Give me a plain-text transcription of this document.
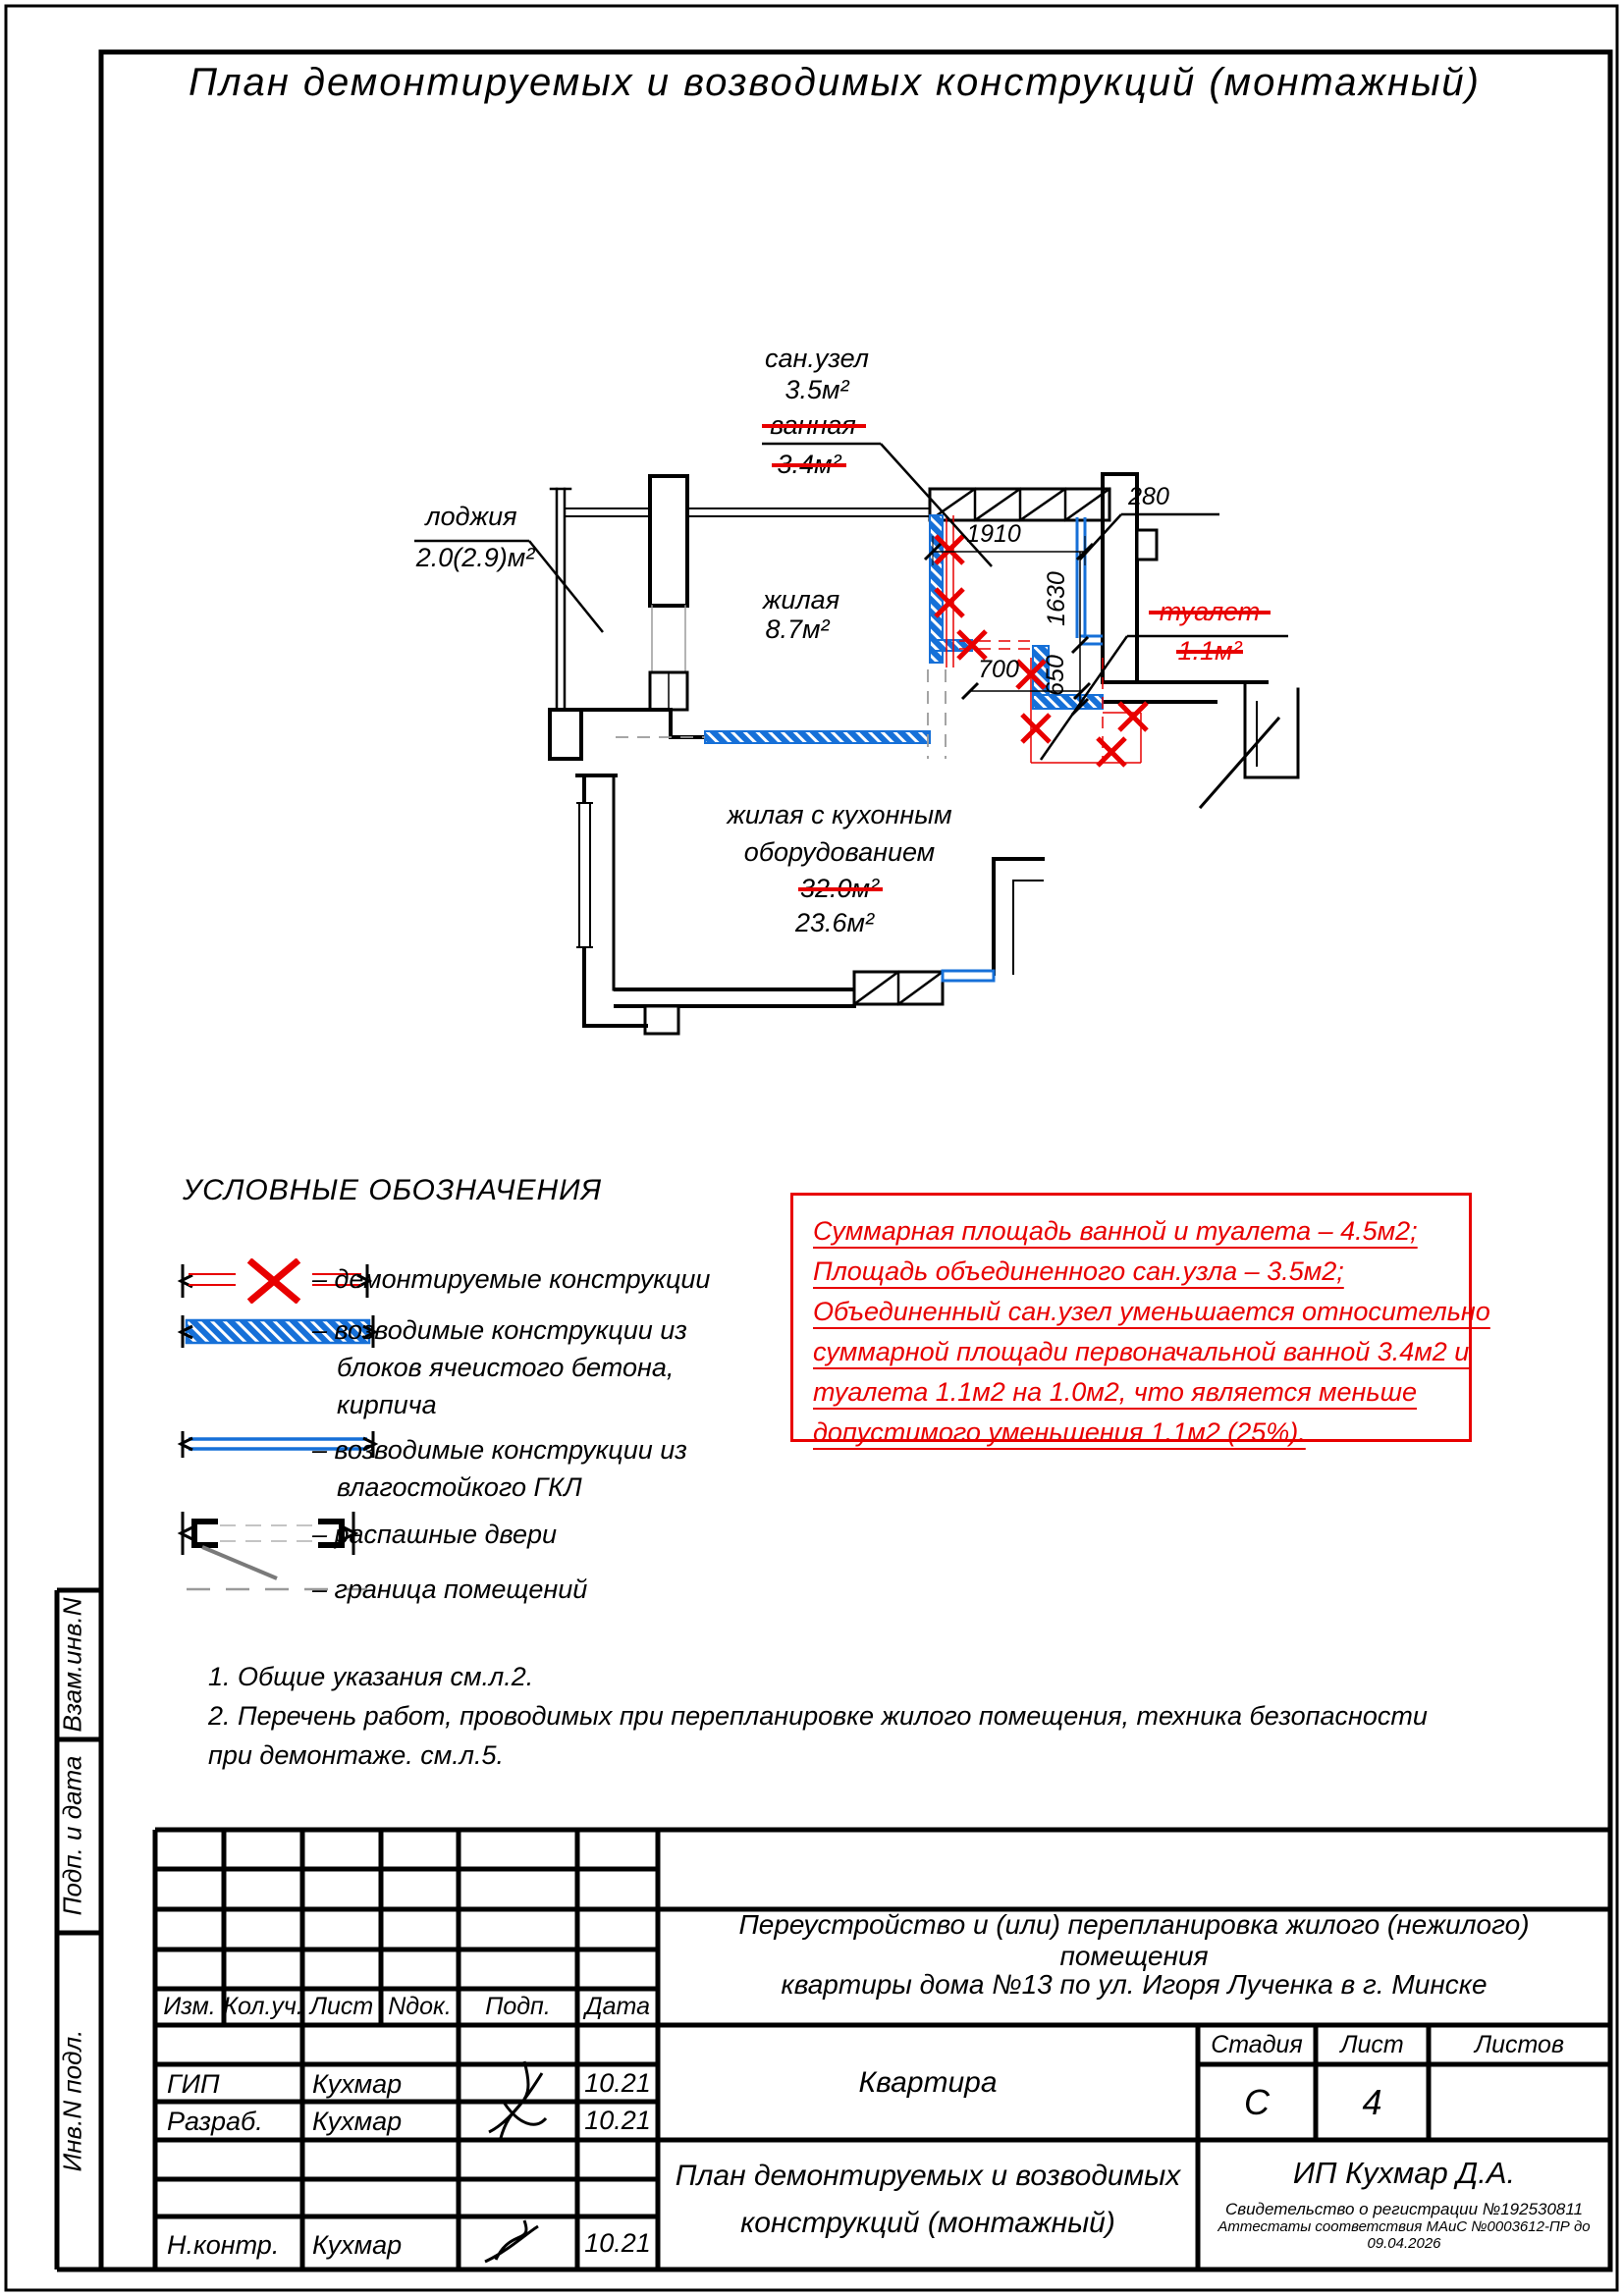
План демонтируемых и возводимых конструкций (монтажный)
1910
280
1630
700 650
сан.узел
3.5м²
ванная
3.4м²
лоджия
2.0(2.9)м²
жилая
8.7м²
туалет
1.1м²
жилая с кухонным
оборудованием
32.0м²
23.6м²
УСЛОВНЫЕ ОБОЗНАЧЕНИЯ
– демонтируемые конструкции
– возводимые конструкции из
блоков ячеистого бетона,
кирпича
– возводимые конструкции из
влагостойкого ГКЛ
– распашные двери
– граница помещений
Суммарная площадь ванной и туалета – 4.5м2;
Площадь объединенного сан.узла – 3.5м2;
Объединенный сан.узел уменьшается относительно
суммарной площади первоначальной ванной 3.4м2 и
туалета 1.1м2 на 1.0м2, что является меньше
допустимого уменьшения 1.1м2 (25%).
1. Общие указания см.л.2.
2. Перечень работ, проводимых при перепланировке жилого помещения, техника безопасности
при демонтаже. см.л.5.
Изм. Кол.уч. Лист Nдок.	Подп.	Дата
ГИП	Кухмар	10.21
Разраб. Кухмар	10.21
Н.контр. Кухмар	10.21
Переустройство и (или) перепланировка жилого (нежилого) помещения
квартиры дома №13 по ул. Игоря Лученка в г. Минске
Квартира
Стадия	Лист	Листов
С	4
План демонтируемых и возводимых
конструкций (монтажный)
ИП Кухмар Д.А.
Свидетельство о регистрации №192530811
Аттестаты соответствия МАиС №0003612-ПР до 09.04.2026
Взам.инв.N
Подп. и дата
Инв.N подл.
